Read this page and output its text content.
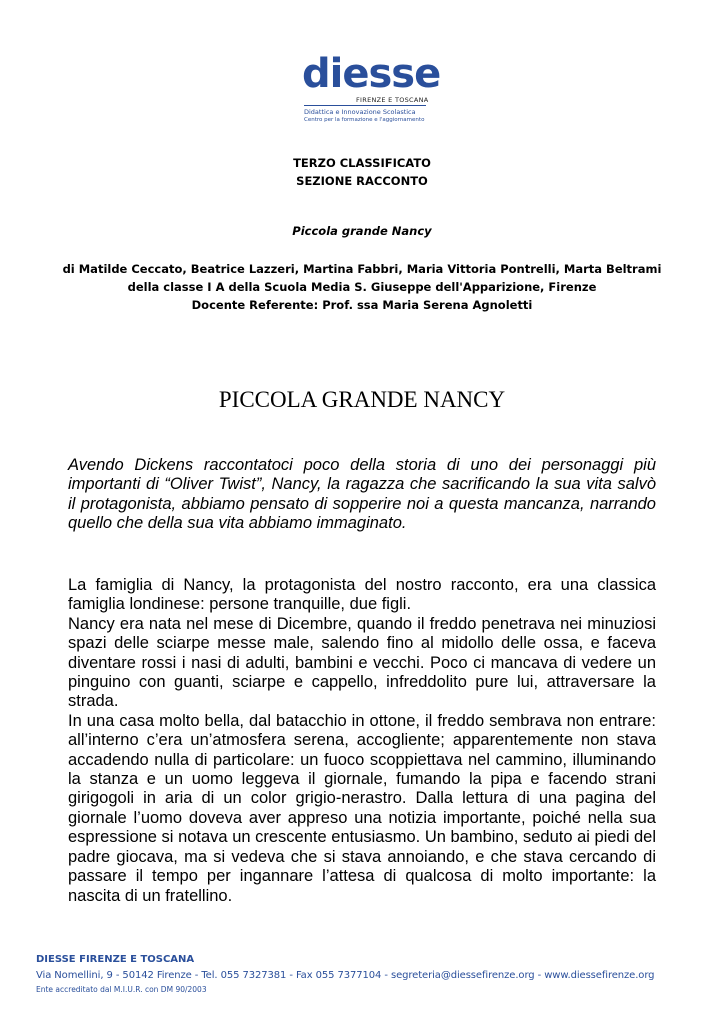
diesse
FIRENZE E TOSCANA
Didattica e Innovazione Scolastica
Centro per la formazione e l'aggiornamento
TERZO CLASSIFICATO
SEZIONE RACCONTO
Piccola grande Nancy
di Matilde Ceccato, Beatrice Lazzeri, Martina Fabbri, Maria Vittoria Pontrelli, Marta Beltrami
della classe I A della Scuola Media S. Giuseppe dell'Apparizione, Firenze
Docente Referente: Prof. ssa Maria Serena Agnoletti
PICCOLA GRANDE NANCY

Avendo Dickens raccontatoci poco della storia di uno dei personaggi più importanti di “Oliver Twist”, Nancy, la ragazza che sacrificando la sua vita salvò il protagonista, abbiamo pensato di sopperire noi a questa mancanza, narrando quello che della sua vita abbiamo immaginato.

La famiglia di Nancy, la protagonista del nostro racconto, era una classica famiglia londinese: persone tranquille, due figli.

Nancy era nata nel mese di Dicembre, quando il freddo penetrava nei minuziosi spazi delle sciarpe messe male, salendo fino al midollo delle ossa, e faceva diventare rossi i nasi di adulti, bambini e vecchi. Poco ci mancava di vedere un pinguino con guanti, sciarpe e cappello, infreddolito pure lui, attraversare la strada.

In una casa molto bella, dal batacchio in ottone, il freddo sembrava non entrare: all’interno c’era un’atmosfera serena, accogliente; apparentemente non stava accadendo nulla di particolare: un fuoco scoppiettava nel cammino, illuminando la stanza e un uomo leggeva il giornale, fumando la pipa e facendo strani girigogoli in aria di un color grigio-nerastro. Dalla lettura di una pagina del giornale l’uomo doveva aver appreso una notizia importante, poiché nella sua espressione si notava un crescente entusiasmo. Un bambino, seduto ai piedi del padre giocava, ma si vedeva che si stava annoiando, e che stava cercando di passare il tempo per ingannare l’attesa di qualcosa di molto importante: la nascita di un fratellino.

DIESSE FIRENZE E TOSCANA
Via Nomellini, 9 - 50142 Firenze - Tel. 055 7327381 - Fax 055 7377104 - segreteria@diessefirenze.org - www.diessefirenze.org
Ente accreditato dal M.I.U.R. con DM 90/2003
